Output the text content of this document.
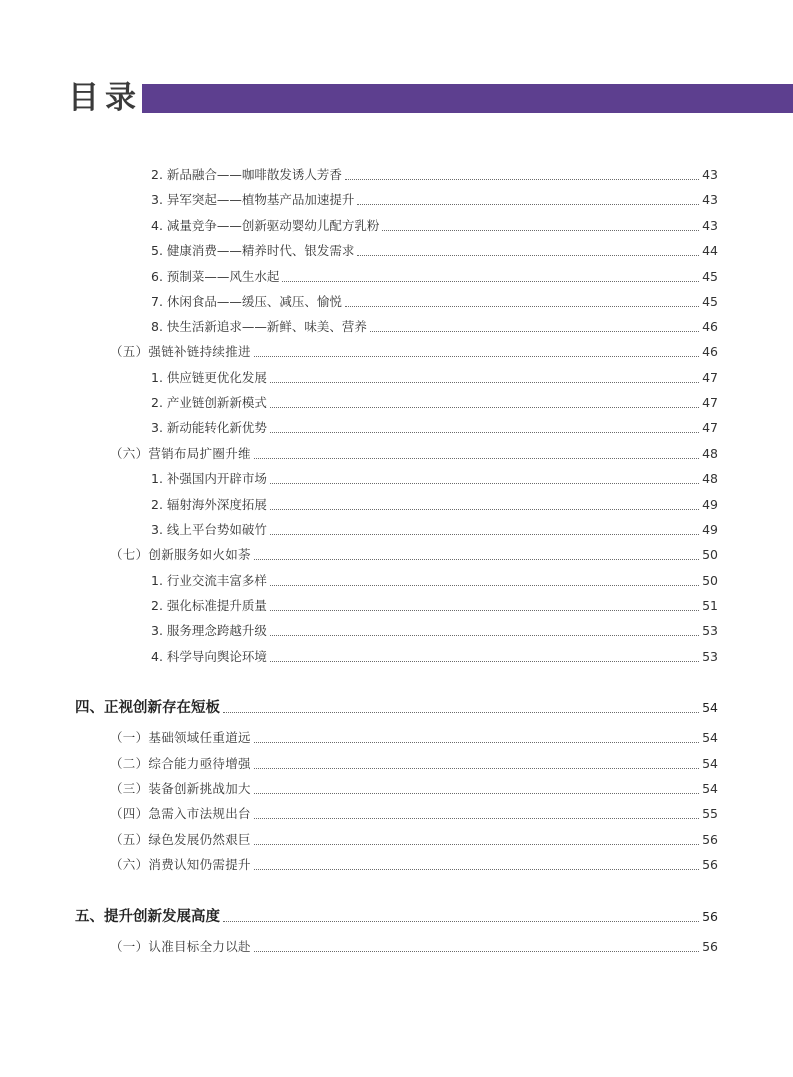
目录
2. 新品融合——咖啡散发诱人芳香	43
3. 异军突起——植物基产品加速提升	43
4. 减量竞争——创新驱动婴幼儿配方乳粉	43
5. 健康消费——精养时代、银发需求	44
6. 预制菜——风生水起	45
7. 休闲食品——缓压、减压、愉悦	45
8. 快生活新追求——新鲜、味美、营养	46
（五）强链补链持续推进	46
1. 供应链更优化发展	47
2. 产业链创新新模式	47
3. 新动能转化新优势	47
（六）营销布局扩圈升维	48
1. 补强国内开辟市场	48
2. 辐射海外深度拓展	49
3. 线上平台势如破竹	49
（七）创新服务如火如荼	50
1. 行业交流丰富多样	50
2. 强化标准提升质量	51
3. 服务理念跨越升级	53
4. 科学导向舆论环境	53
四、正视创新存在短板	54
（一）基础领域任重道远	54
（二）综合能力亟待增强	54
（三）装备创新挑战加大	54
（四）急需入市法规出台	55
（五）绿色发展仍然艰巨	56
（六）消费认知仍需提升	56
五、提升创新发展高度	56
（一）认准目标全力以赴	56
